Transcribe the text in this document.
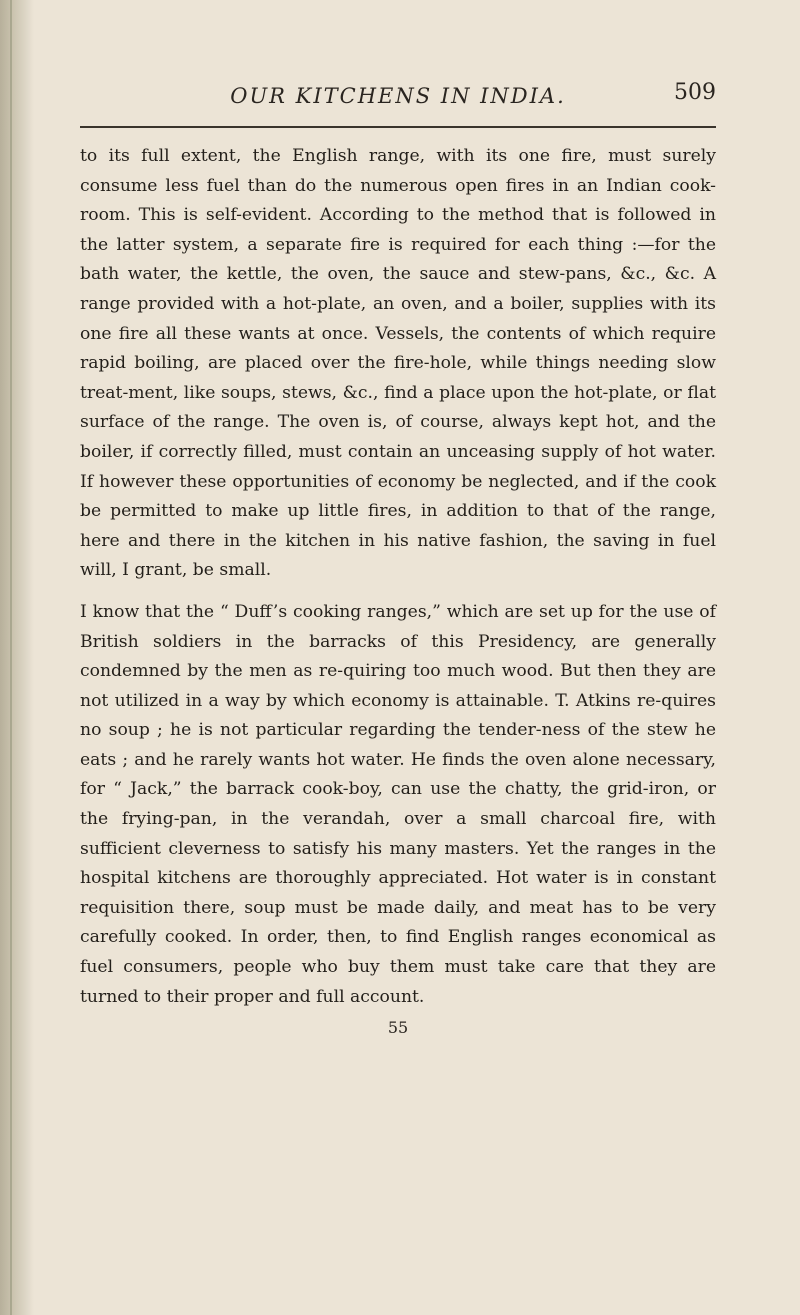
OUR KITCHENS IN INDIA.	509

to its full extent, the English range, with its one fire, must surely consume less fuel than do the numerous open fires in an Indian cook-room. This is self-evident. According to the method that is followed in the latter system, a separate fire is required for each thing :—for the bath water, the kettle, the oven, the sauce and stew-pans, &c., &c. A range provided with a hot-plate, an oven, and a boiler, supplies with its one fire all these wants at once. Vessels, the contents of which require rapid boiling, are placed over the fire-hole, while things needing slow treat-ment, like soups, stews, &c., find a place upon the hot-plate, or flat surface of the range. The oven is, of course, always kept hot, and the boiler, if correctly filled, must contain an unceasing supply of hot water. If however these opportunities of economy be neglected, and if the cook be permitted to make up little fires, in addition to that of the range, here and there in the kitchen in his native fashion, the saving in fuel will, I grant, be small.

I know that the “ Duff’s cooking ranges,” which are set up for the use of British soldiers in the barracks of this Presidency, are generally condemned by the men as re-quiring too much wood. But then they are not utilized in a way by which economy is attainable. T. Atkins re-quires no soup ; he is not particular regarding the tender-ness of the stew he eats ; and he rarely wants hot water. He finds the oven alone necessary, for “ Jack,” the barrack cook-boy, can use the chatty, the grid-iron, or the frying-pan, in the verandah, over a small charcoal fire, with sufficient cleverness to satisfy his many masters. Yet the ranges in the hospital kitchens are thoroughly appreciated. Hot water is in constant requisition there, soup must be made daily, and meat has to be very carefully cooked. In order, then, to find English ranges economical as fuel consumers, people who buy them must take care that they are turned to their proper and full account.

55
